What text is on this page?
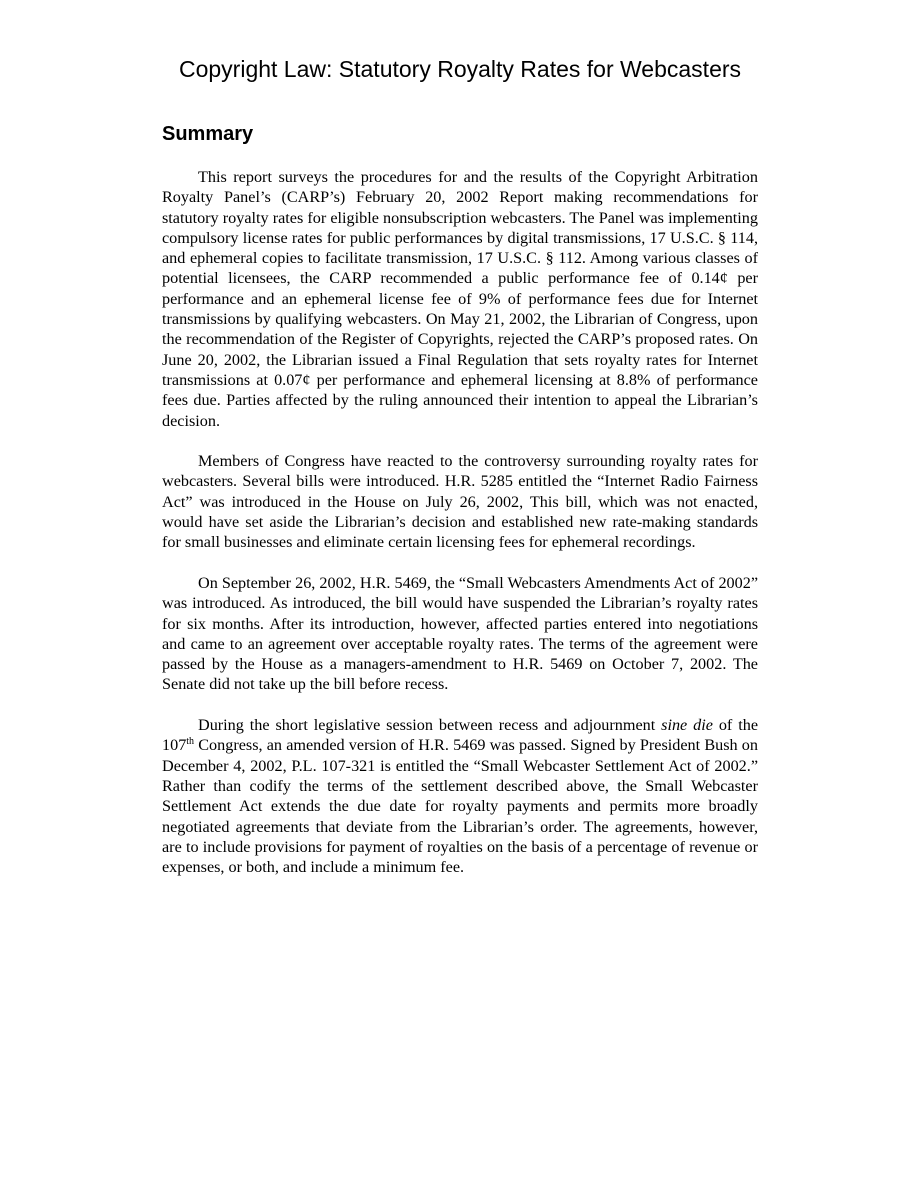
Copyright Law: Statutory Royalty Rates for Webcasters
Summary

This report surveys the procedures for and the results of the Copyright Arbitration Royalty Panel’s (CARP’s) February 20, 2002 Report making recommendations for statutory royalty rates for eligible nonsubscription webcasters. The Panel was implementing compulsory license rates for public performances by digital transmissions, 17 U.S.C. § 114, and ephemeral copies to facilitate transmission, 17 U.S.C. § 112. Among various classes of potential licensees, the CARP recommended a public performance fee of 0.14¢ per performance and an ephemeral license fee of 9% of performance fees due for Internet transmissions by qualifying webcasters. On May 21, 2002, the Librarian of Congress, upon the recommendation of the Register of Copyrights, rejected the CARP’s proposed rates. On June 20, 2002, the Librarian issued a Final Regulation that sets royalty rates for Internet transmissions at 0.07¢ per performance and ephemeral licensing at 8.8% of performance fees due. Parties affected by the ruling announced their intention to appeal the Librarian’s decision.

Members of Congress have reacted to the controversy surrounding royalty rates for webcasters. Several bills were introduced. H.R. 5285 entitled the “Internet Radio Fairness Act” was introduced in the House on July 26, 2002, This bill, which was not enacted, would have set aside the Librarian’s decision and established new rate-making standards for small businesses and eliminate certain licensing fees for ephemeral recordings.

On September 26, 2002, H.R. 5469, the “Small Webcasters Amendments Act of 2002” was introduced. As introduced, the bill would have suspended the Librarian’s royalty rates for six months. After its introduction, however, affected parties entered into negotiations and came to an agreement over acceptable royalty rates. The terms of the agreement were passed by the House as a managers-amendment to H.R. 5469 on October 7, 2002. The Senate did not take up the bill before recess.

During the short legislative session between recess and adjournment sine die of the 107th Congress, an amended version of H.R. 5469 was passed. Signed by President Bush on December 4, 2002, P.L. 107-321 is entitled the “Small Webcaster Settlement Act of 2002.” Rather than codify the terms of the settlement described above, the Small Webcaster Settlement Act extends the due date for royalty payments and permits more broadly negotiated agreements that deviate from the Librarian’s order. The agreements, however, are to include provisions for payment of royalties on the basis of a percentage of revenue or expenses, or both, and include a minimum fee.
